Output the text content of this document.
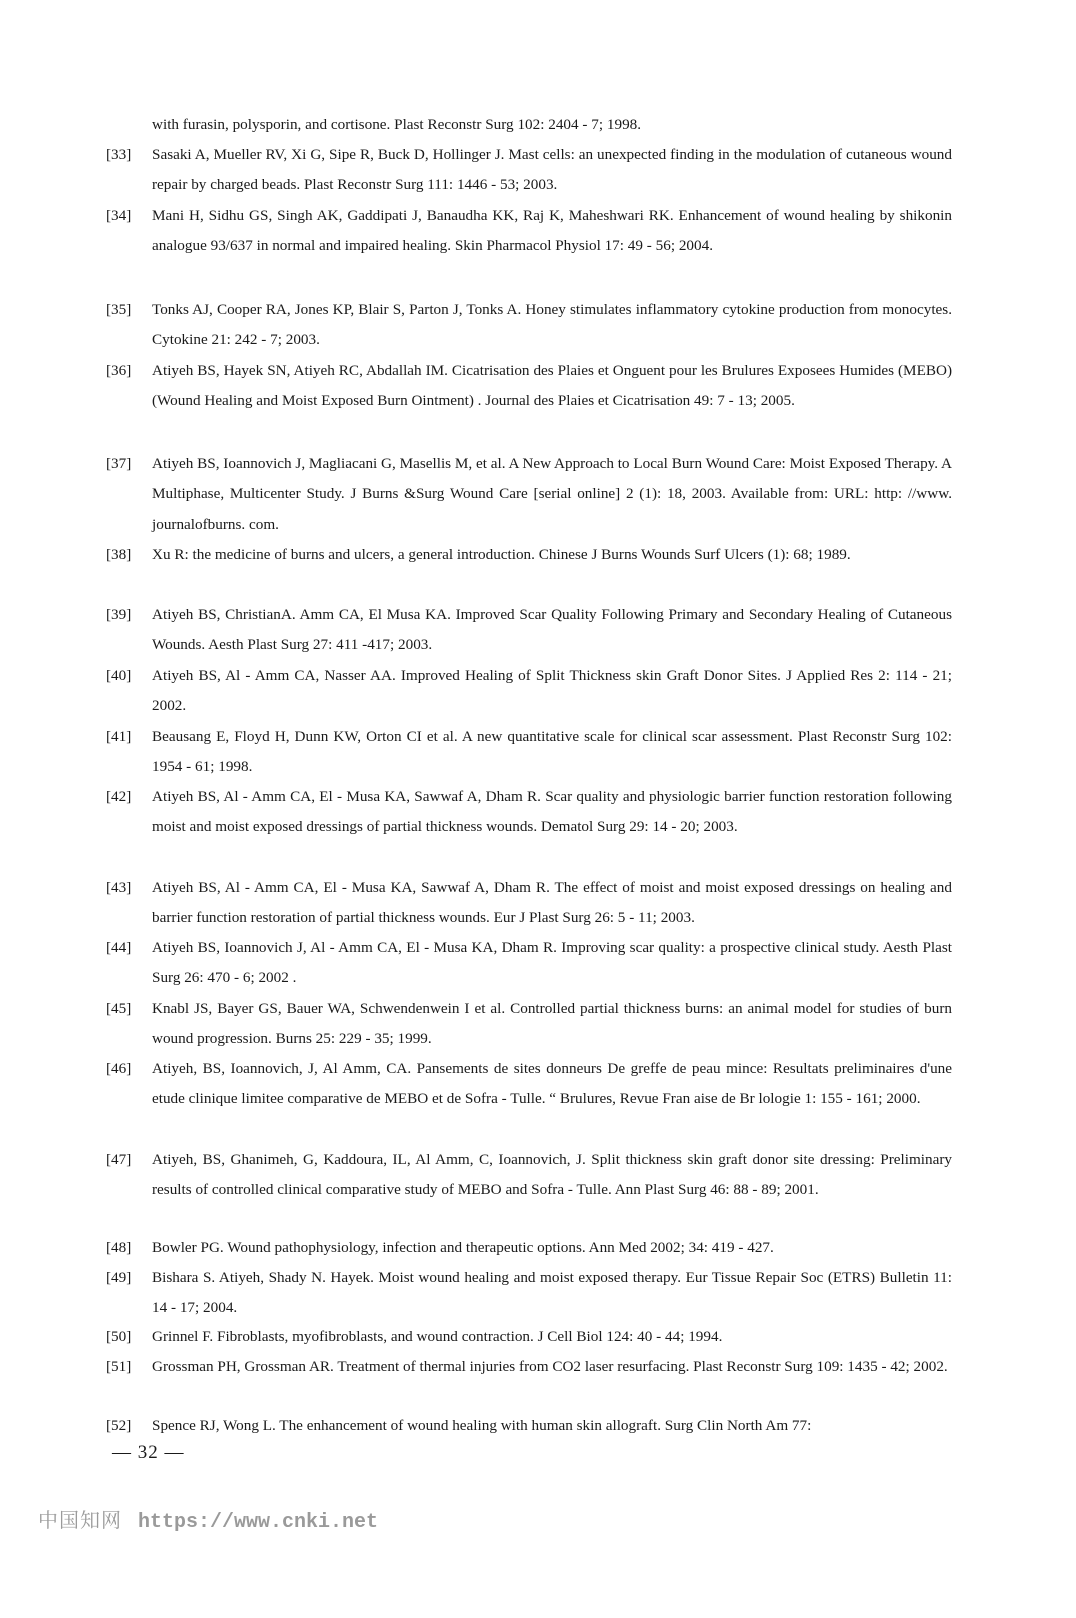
with furasin, polysporin, and cortisone. Plast Reconstr Surg 102: 2404 - 7; 1998.
[33]	Sasaki A, Mueller RV, Xi G, Sipe R, Buck D, Hollinger J. Mast cells: an unexpected finding in the modulation of cutaneous wound repair by charged beads. Plast Reconstr Surg 111: 1446 - 53; 2003.
[34]	Mani H, Sidhu GS, Singh AK, Gaddipati J, Banaudha KK, Raj K, Maheshwari RK. Enhancement of wound healing by shikonin analogue 93/637 in normal and impaired healing. Skin Pharmacol Physiol 17: 49 - 56; 2004.
[35]	Tonks AJ, Cooper RA, Jones KP, Blair S, Parton J, Tonks A. Honey stimulates inflammatory cytokine production from monocytes. Cytokine 21: 242 - 7; 2003.
[36]	Atiyeh BS, Hayek SN, Atiyeh RC, Abdallah IM. Cicatrisation des Plaies et Onguent pour les Brulures Exposees Humides (MEBO) (Wound Healing and Moist Exposed Burn Ointment) . Journal des Plaies et Cicatrisation 49: 7 - 13; 2005.
[37]	Atiyeh BS, Ioannovich J, Magliacani G, Masellis M, et al. A New Approach to Local Burn Wound Care: Moist Exposed Therapy. A Multiphase, Multicenter Study. J Burns &Surg Wound Care [serial online] 2 (1): 18, 2003. Available from: URL: http: //www. journalofburns. com.
[38]	Xu R: the medicine of burns and ulcers, a general introduction. Chinese J Burns Wounds Surf Ulcers (1): 68; 1989.
[39]	Atiyeh BS, ChristianA. Amm CA, El Musa KA. Improved Scar Quality Following Primary and Secondary Healing of Cutaneous Wounds. Aesth Plast Surg 27: 411 -417; 2003.
[40]	Atiyeh BS, Al - Amm CA, Nasser AA. Improved Healing of Split Thickness skin Graft Donor Sites. J Applied Res 2: 114 - 21; 2002.
[41]	Beausang E, Floyd H, Dunn KW, Orton CI et al. A new quantitative scale for clinical scar assessment. Plast Reconstr Surg 102: 1954 - 61; 1998.
[42]	Atiyeh BS, Al - Amm CA, El - Musa KA, Sawwaf A, Dham R. Scar quality and physiologic barrier function restoration following moist and moist exposed dressings of partial thickness wounds. Dematol Surg 29: 14 - 20; 2003.
[43]	Atiyeh BS, Al - Amm CA, El - Musa KA, Sawwaf A, Dham R. The effect of moist and moist exposed dressings on healing and barrier function restoration of partial thickness wounds. Eur J Plast Surg 26: 5 - 11; 2003.
[44]	Atiyeh BS, Ioannovich J, Al - Amm CA, El - Musa KA, Dham R. Improving scar quality: a prospective clinical study. Aesth Plast Surg 26: 470 - 6; 2002 .
[45]	Knabl JS, Bayer GS, Bauer WA, Schwendenwein I et al. Controlled partial thickness burns: an animal model for studies of burn wound progression. Burns 25: 229 - 35; 1999.
[46]	Atiyeh, BS, Ioannovich, J, Al Amm, CA. Pansements de sites donneurs De greffe de peau mince: Resultats preliminaires d'une etude clinique limitee comparative de MEBO et de Sofra - Tulle. “ Brulures, Revue Fran aise de Br lologie 1: 155 - 161; 2000.
[47]	Atiyeh, BS, Ghanimeh, G, Kaddoura, IL, Al Amm, C, Ioannovich, J. Split thickness skin graft donor site dressing: Preliminary results of controlled clinical comparative study of MEBO and Sofra - Tulle. Ann Plast Surg 46: 88 - 89; 2001.
[48]	Bowler PG. Wound pathophysiology, infection and therapeutic options. Ann Med 2002; 34: 419 - 427.
[49]	Bishara S. Atiyeh, Shady N. Hayek. Moist wound healing and moist exposed therapy. Eur Tissue Repair Soc (ETRS) Bulletin 11: 14 - 17; 2004.
[50]	Grinnel F. Fibroblasts, myofibroblasts, and wound contraction. J Cell Biol 124: 40 - 44; 1994.
[51]	Grossman PH, Grossman AR. Treatment of thermal injuries from CO2 laser resurfacing. Plast Reconstr Surg 109: 1435 - 42; 2002.
[52]	Spence RJ, Wong L. The enhancement of wound healing with human skin allograft. Surg Clin North Am 77:
— 32 —
中国知网 https://www.cnki.net
